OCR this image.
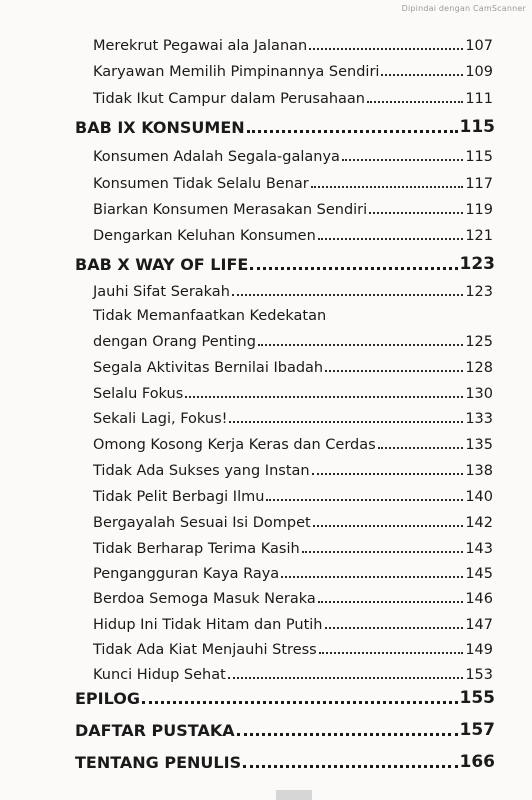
Dipindai dengan CamScanner
Merekrut Pegawai ala Jalanan	107
Karyawan Memilih Pimpinannya Sendiri	109
Tidak Ikut Campur dalam Perusahaan	111
BAB IX KONSUMEN	115
Konsumen Adalah Segala-galanya	115
Konsumen Tidak Selalu Benar	117
Biarkan Konsumen Merasakan Sendiri	119
Dengarkan Keluhan Konsumen	121
BAB X WAY OF LIFE	123
Jauhi Sifat Serakah	123
Tidak Memanfaatkan Kedekatan
dengan Orang Penting	125
Segala Aktivitas Bernilai Ibadah	128
Selalu Fokus	130
Sekali Lagi, Fokus!	133
Omong Kosong Kerja Keras dan Cerdas	135
Tidak Ada Sukses yang Instan	138
Tidak Pelit Berbagi Ilmu	140
Bergayalah Sesuai Isi Dompet	142
Tidak Berharap Terima Kasih	143
Pengangguran Kaya Raya	145
Berdoa Semoga Masuk Neraka	146
Hidup Ini Tidak Hitam dan Putih	147
Tidak Ada Kiat Menjauhi Stress	149
Kunci Hidup Sehat	153
EPILOG	155
DAFTAR PUSTAKA	157
TENTANG PENULIS	166
